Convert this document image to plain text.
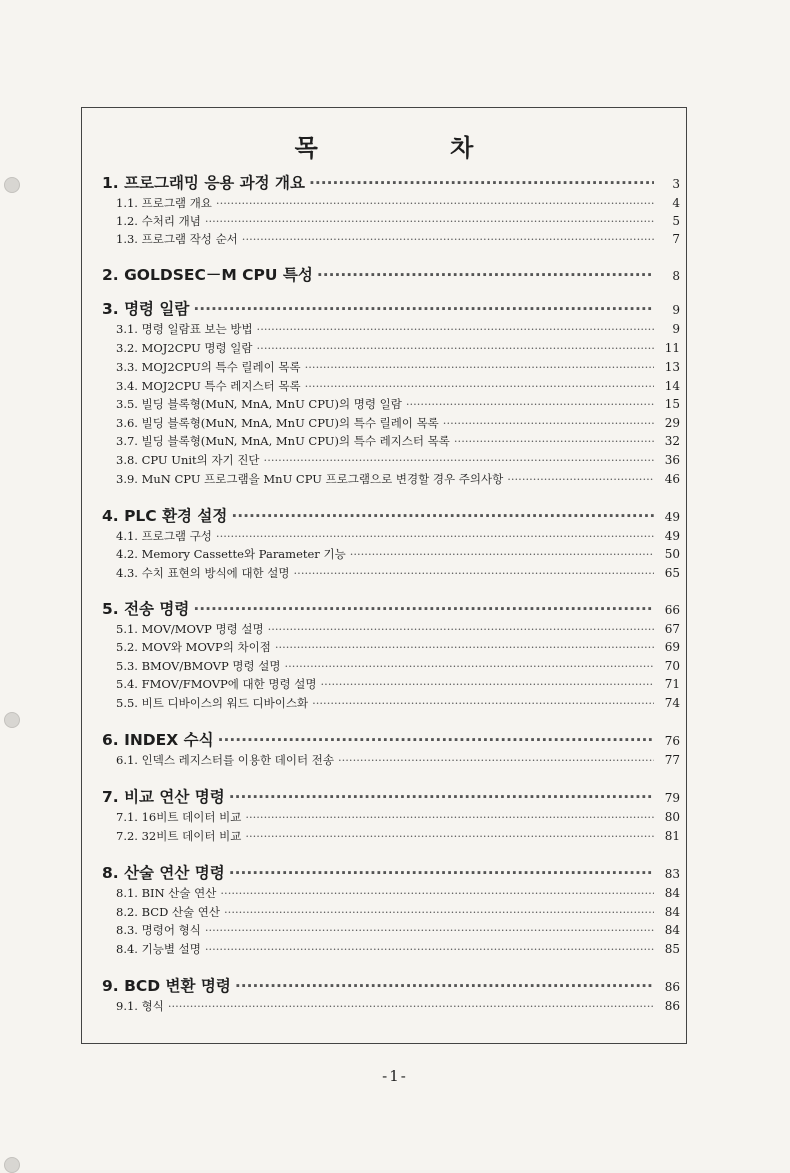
목 차
1. 프로그래밍 응용 과정 개요 ·····	3
1.1. 프로그램 개요 ·····	4
1.2. 수처리 개념 ·····	5
1.3. 프로그램 작성 순서 ·····	7
2. GOLDSEC－M CPU 특성 ·····	8
3. 명령 일람 ·····	9
3.1. 명령 일람표 보는 방법 ·····	9
3.2. MOJ2CPU 명령 일람 ·····	11
3.3. MOJ2CPU의 특수 릴레이 목록 ·····	13
3.4. MOJ2CPU 특수 레지스터 목록 ·····	14
3.5. 빌딩 블록형(MuN, MnA, MnU CPU)의 명령 일람 ·····	15
3.6. 빌딩 블록형(MuN, MnA, MnU CPU)의 특수 릴레이 목록 ·····	29
3.7. 빌딩 블록형(MuN, MnA, MnU CPU)의 특수 레지스터 목록 ·····	32
3.8. CPU Unit의 자기 진단 ·····	36
3.9. MuN CPU 프로그램을 MnU CPU 프로그램으로 변경할 경우 주의사항 ·····	46
4. PLC 환경 설정 ·····	49
4.1. 프로그램 구성 ·····	49
4.2. Memory Cassette와 Parameter 기능 ·····	50
4.3. 수치 표현의 방식에 대한 설명 ·····	65
5. 전송 명령 ·····	66
5.1. MOV/MOVP 명령 설명 ·····	67
5.2. MOV와 MOVP의 차이점 ·····	69
5.3. BMOV/BMOVP 명령 설명 ·····	70
5.4. FMOV/FMOVP에 대한 명령 설명 ·····	71
5.5. 비트 디바이스의 워드 디바이스화 ·····	74
6. INDEX 수식 ·····	76
6.1. 인덱스 레지스터를 이용한 데이터 전송 ·····	77
7. 비교 연산 명령 ·····	79
7.1. 16비트 데이터 비교 ·····	80
7.2. 32비트 데이터 비교 ·····	81
8. 산술 연산 명령 ·····	83
8.1. BIN 산술 연산 ·····	84
8.2. BCD 산술 연산 ·····	84
8.3. 명령어 형식 ·····	84
8.4. 기능별 설명 ·····	85
9. BCD 변환 명령 ·····	86
9.1. 형식 ·····	86
-1-
